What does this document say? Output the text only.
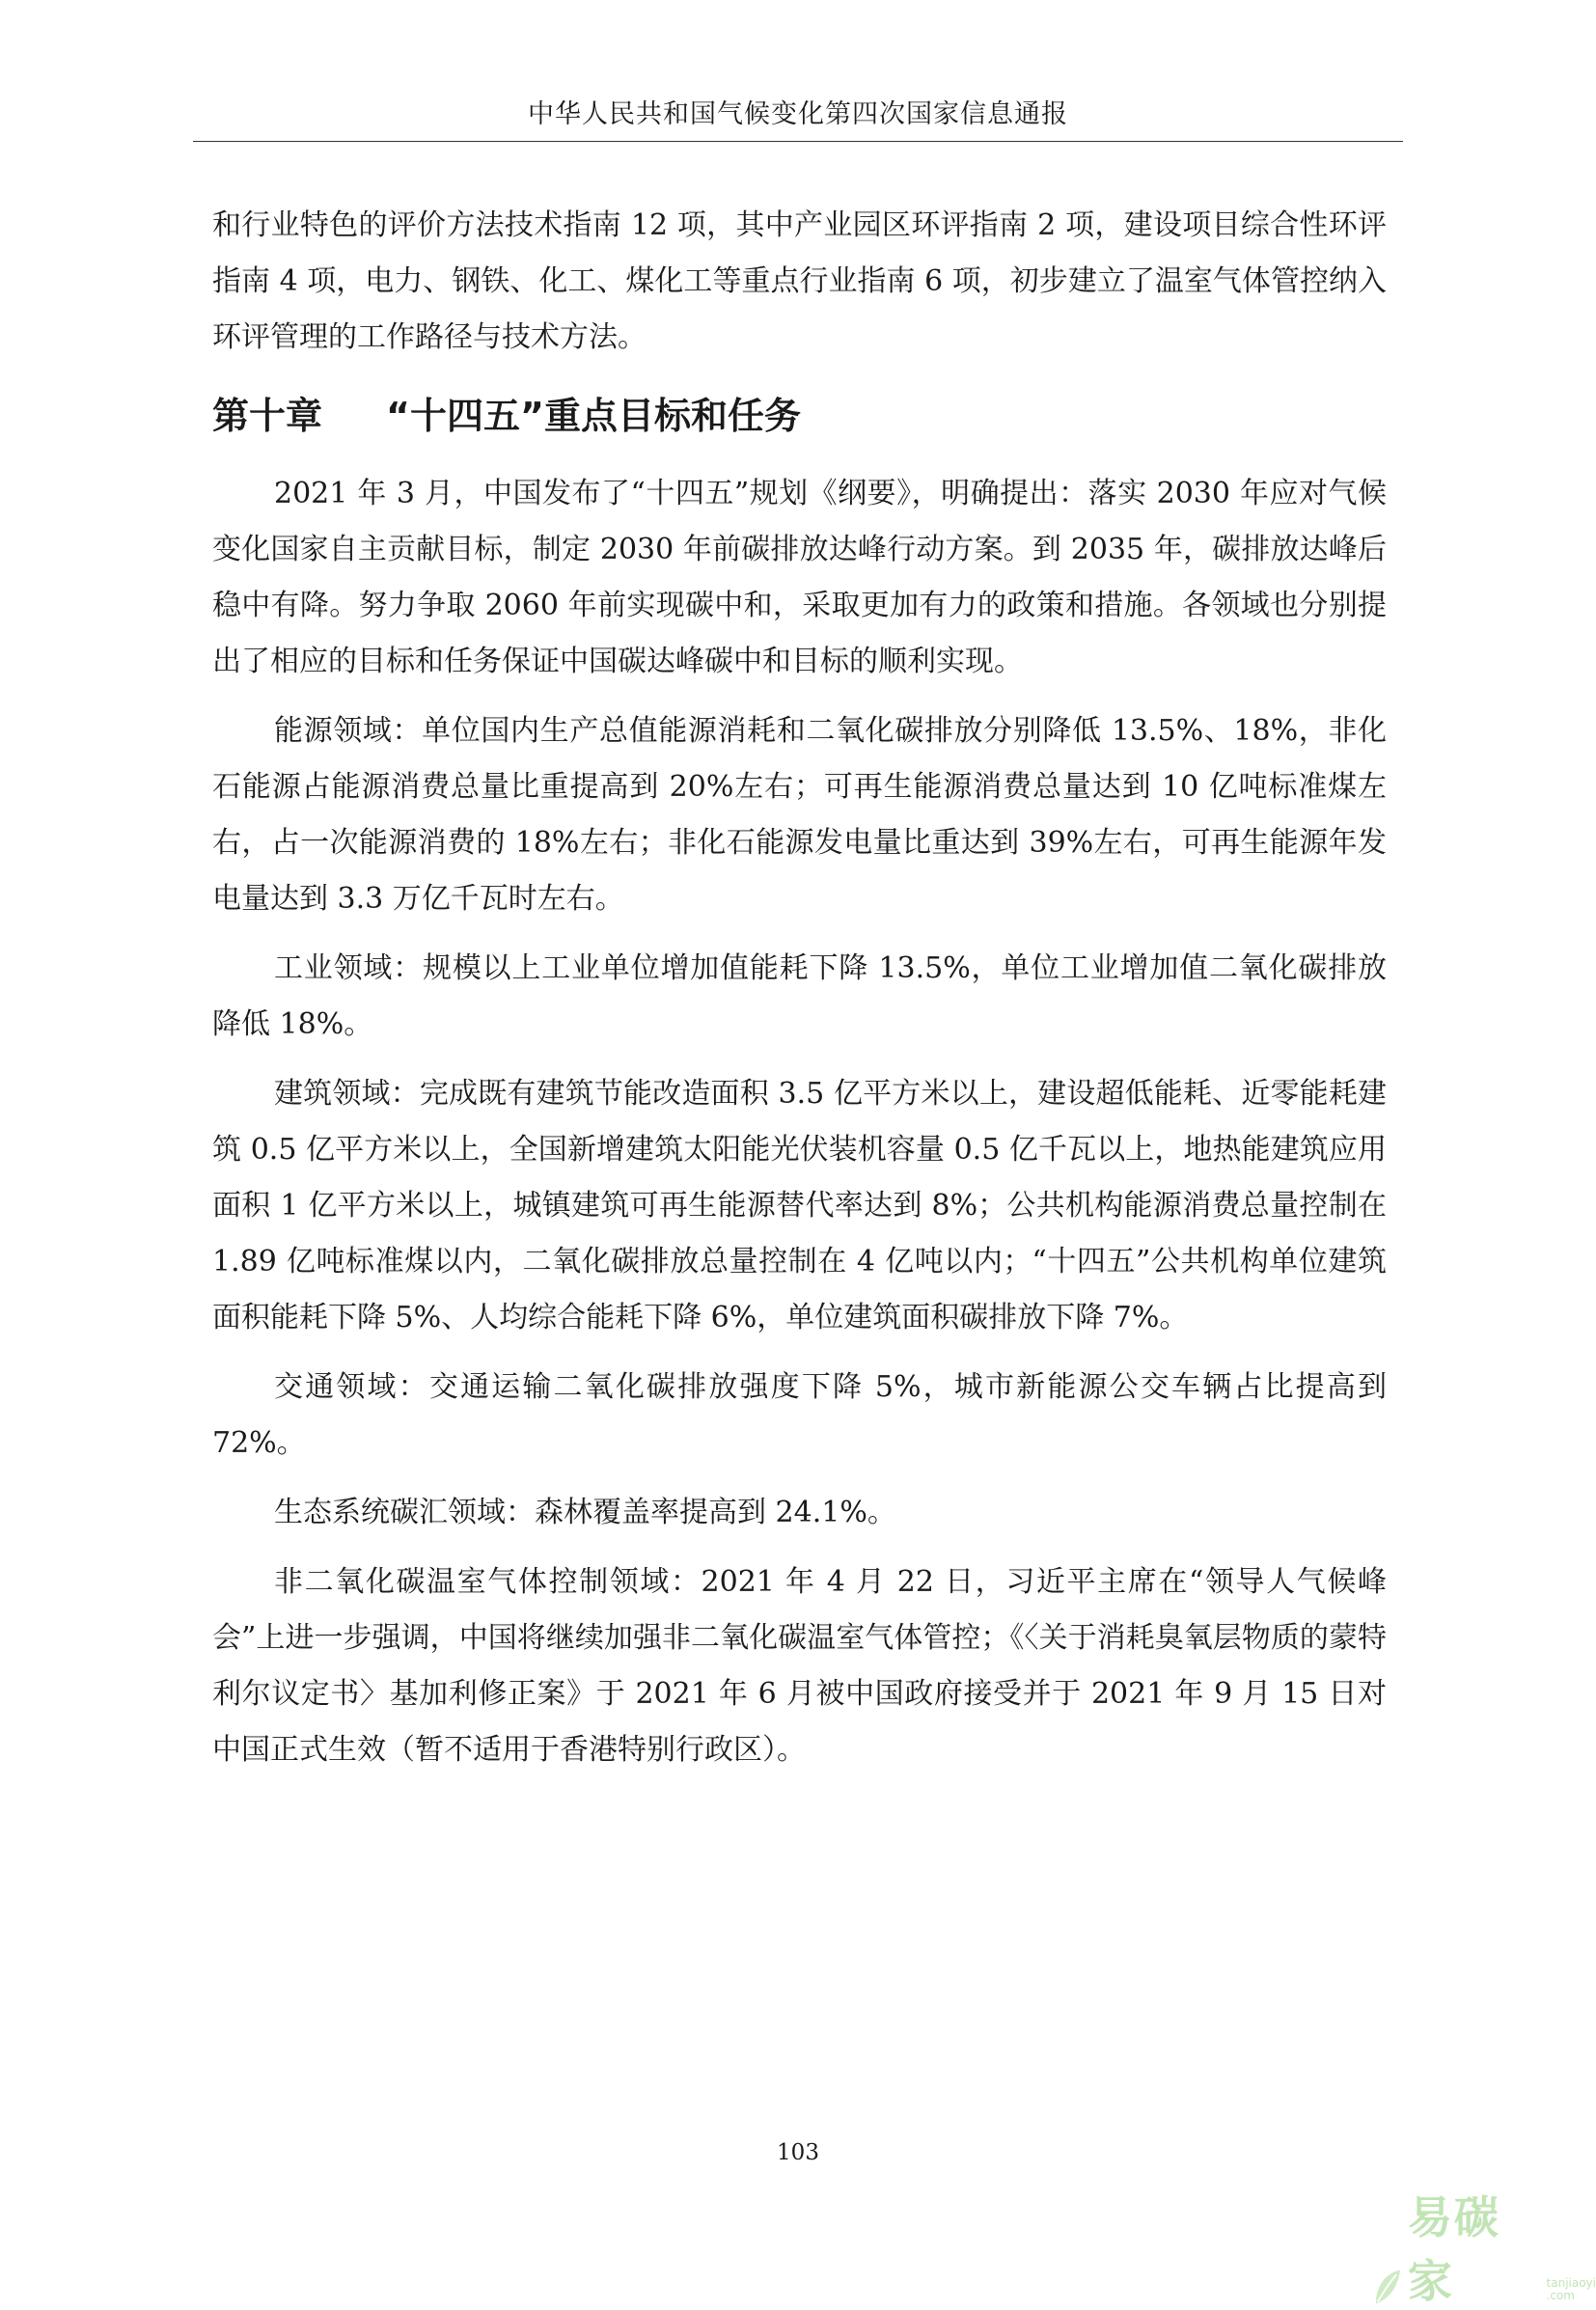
中华人民共和国气候变化第四次国家信息通报

和行业特色的评价方法技术指南 12 项，其中产业园区环评指南 2 项，建设项目综合性环评指南 4 项，电力、钢铁、化工、煤化工等重点行业指南 6 项，初步建立了温室气体管控纳入环评管理的工作路径与技术方法。

第十章	“十四五”重点目标和任务

2021 年 3 月，中国发布了“十四五”规划《纲要》，明确提出：落实 2030 年应对气候变化国家自主贡献目标，制定 2030 年前碳排放达峰行动方案。到 2035 年，碳排放达峰后稳中有降。努力争取 2060 年前实现碳中和，采取更加有力的政策和措施。各领域也分别提出了相应的目标和任务保证中国碳达峰碳中和目标的顺利实现。

能源领域：单位国内生产总值能源消耗和二氧化碳排放分别降低 13.5%、18%，非化石能源占能源消费总量比重提高到 20%左右；可再生能源消费总量达到 10 亿吨标准煤左右，占一次能源消费的 18%左右；非化石能源发电量比重达到 39%左右，可再生能源年发电量达到 3.3 万亿千瓦时左右。

工业领域：规模以上工业单位增加值能耗下降 13.5%，单位工业增加值二氧化碳排放降低 18%。

建筑领域：完成既有建筑节能改造面积 3.5 亿平方米以上，建设超低能耗、近零能耗建筑 0.5 亿平方米以上，全国新增建筑太阳能光伏装机容量 0.5 亿千瓦以上，地热能建筑应用面积 1 亿平方米以上，城镇建筑可再生能源替代率达到 8%；公共机构能源消费总量控制在 1.89 亿吨标准煤以内，二氧化碳排放总量控制在 4 亿吨以内；“十四五”公共机构单位建筑面积能耗下降 5%、人均综合能耗下降 6%，单位建筑面积碳排放下降 7%。

交通领域：交通运输二氧化碳排放强度下降 5%，城市新能源公交车辆占比提高到 72%。

生态系统碳汇领域：森林覆盖率提高到 24.1%。

非二氧化碳温室气体控制领域：2021 年 4 月 22 日，习近平主席在“领导人气候峰会”上进一步强调，中国将继续加强非二氧化碳温室气体管控；《〈关于消耗臭氧层物质的蒙特利尔议定书〉基加利修正案》于 2021 年 6 月被中国政府接受并于 2021 年 9 月 15 日对中国正式生效（暂不适用于香港特别行政区）。

103
易碳家	tanjiaoyi
.com
